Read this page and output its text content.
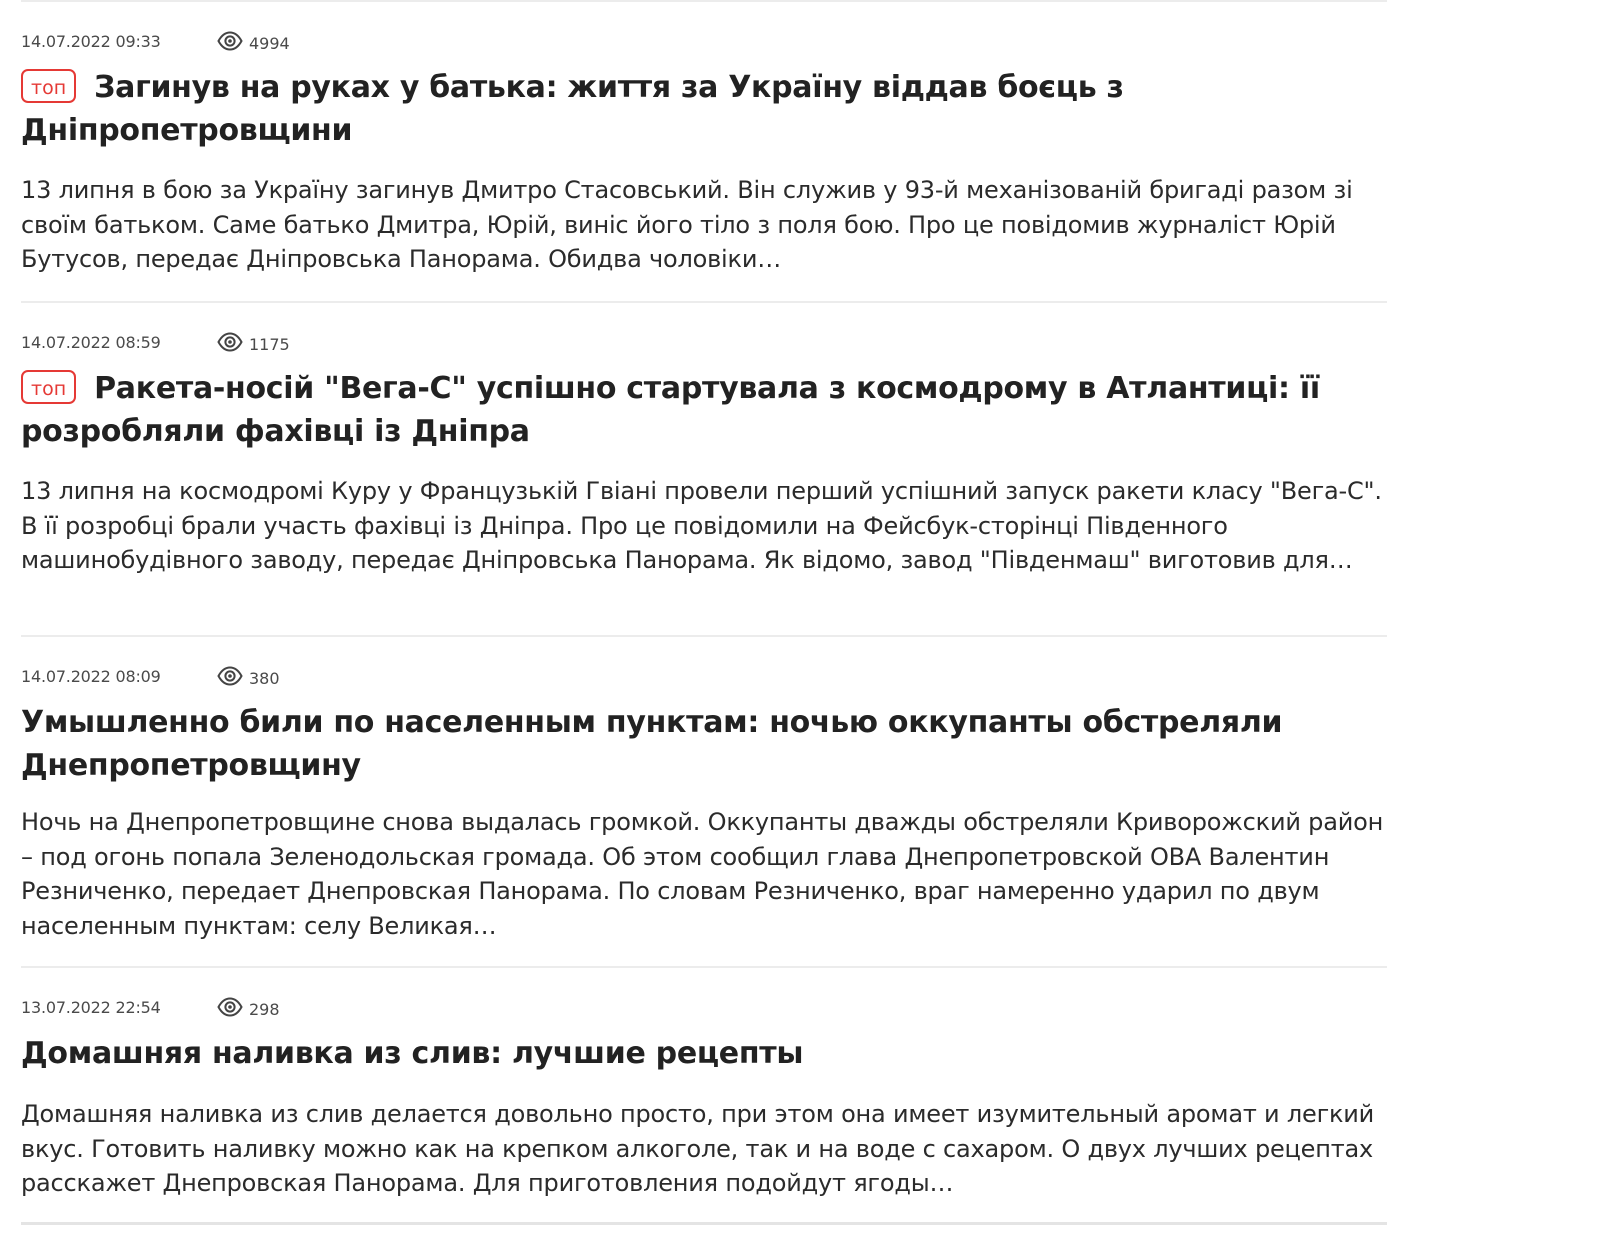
14.07.2022 09:33	4994
топ Загинув на руках у батька: життя за Україну віддав боєць з Дніпропетровщини

13 липня в бою за Україну загинув Дмитро Стасовський. Він служив у 93-й механізованій бригаді разом зі своїм батьком. Саме батько Дмитра, Юрій, виніс його тіло з поля бою. Про це повідомив журналіст Юрій Бутусов, передає Дніпровська Панорама. Обидва чоловіки…

14.07.2022 08:59	1175
топ Ракета-носій "Вега-С" успішно стартувала з космодрому в Атлантиці: її розробляли фахівці із Дніпра

13 липня на космодромі Куру у Французькій Гвіані провели перший успішний запуск ракети класу "Вега-С". В її розробці брали участь фахівці із Дніпра. Про це повідомили на Фейсбук-сторінці Південного машинобудівного заводу, передає Дніпровська Панорама. Як відомо, завод "Південмаш" виготовив для…

14.07.2022 08:09	380
Умышленно били по населенным пунктам: ночью оккупанты обстреляли Днепропетровщину

Ночь на Днепропетровщине снова выдалась громкой. Оккупанты дважды обстреляли Криворожский район – под огонь попала Зеленодольская громада. Об этом сообщил глава Днепропетровской ОВА Валентин Резниченко, передает Днепровская Панорама. По словам Резниченко, враг намеренно ударил по двум населенным пунктам: селу Великая…

13.07.2022 22:54	298
Домашняя наливка из слив: лучшие рецепты

Домашняя наливка из слив делается довольно просто, при этом она имеет изумительный аромат и легкий вкус. Готовить наливку можно как на крепком алкоголе, так и на воде с сахаром. О двух лучших рецептах расскажет Днепровская Панорама. Для приготовления подойдут ягоды…
